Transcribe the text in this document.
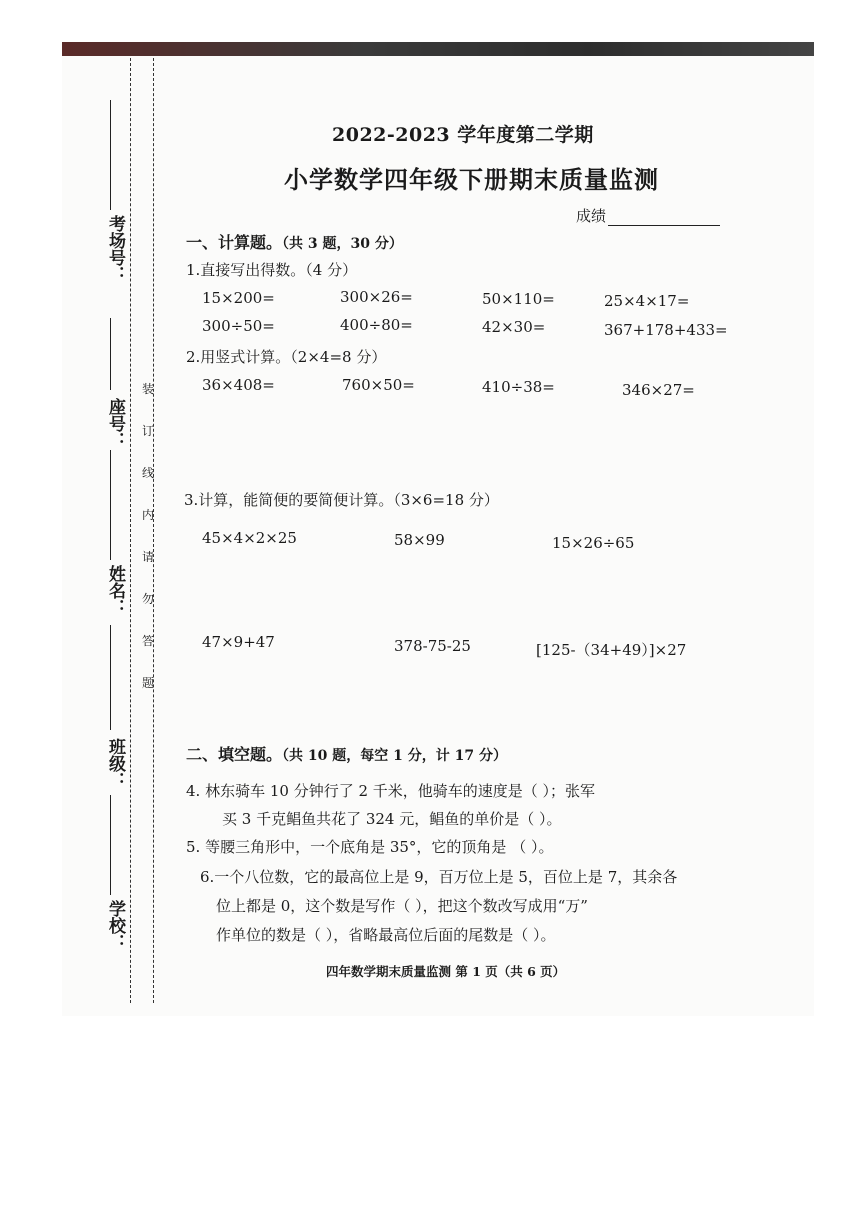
考场号：
座号：
姓名：
班级：
学校：
装
订
线
内
请
勿
答
题
2022-2023 学年度第二学期
小学数学四年级下册期末质量监测
成绩
一、计算题。（共 3 题，30 分）
1.直接写出得数。（4 分）
15×200=	300×26=	50×110=	25×4×17=
300÷50=	400÷80=	42×30=	367+178+433=
2.用竖式计算。（2×4=8 分）
36×408=	760×50=	410÷38=	346×27=
3.计算，能简便的要简便计算。（3×6=18 分）
45×4×2×25	58×99	15×26÷65
47×9+47	378-75-25	[125-（34+49）]×27
二、填空题。（共 10 题，每空 1 分，计 17 分）
4. 林东骑车 10 分钟行了 2 千米，他骑车的速度是（ ）；张军
买 3 千克鲳鱼共花了 324 元，鲳鱼的单价是（ ）。
5. 等腰三角形中，一个底角是 35°，它的顶角是 （ ）。
6.一个八位数，它的最高位上是 9，百万位上是 5，百位上是 7，其余各
位上都是 0，这个数是写作（ ），把这个数改写成用“万”
作单位的数是（ ），省略最高位后面的尾数是（ ）。
四年数学期末质量监测 第 1 页（共 6 页）
